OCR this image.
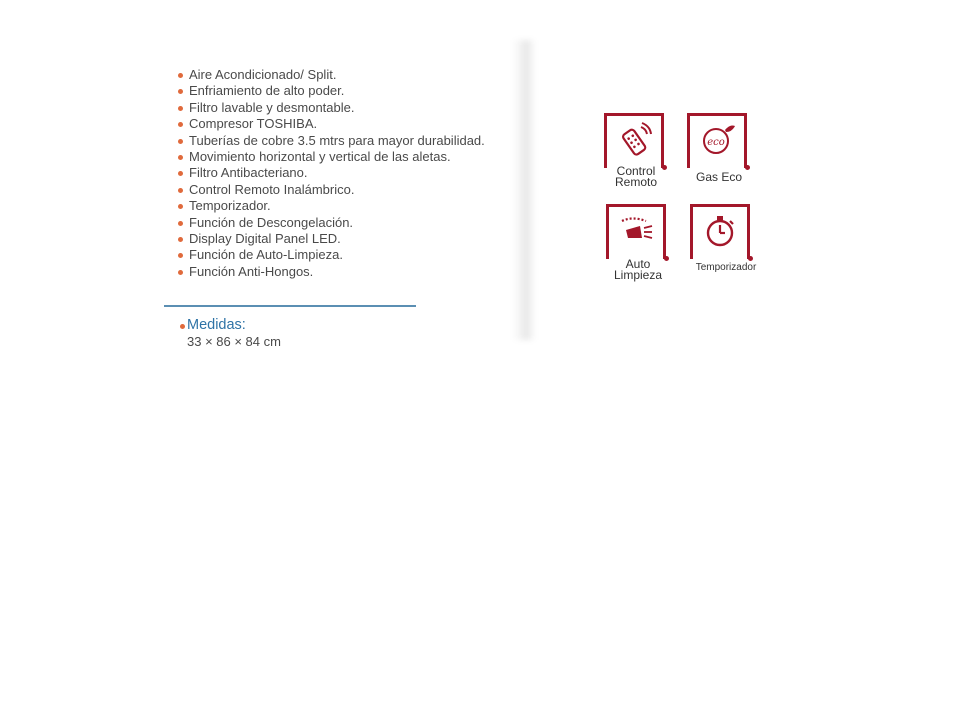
Aire Acondicionado/ Split.
Enfriamiento de alto poder.
Filtro lavable y desmontable.
Compresor TOSHIBA.
Tuberías de cobre 3.5 mtrs para mayor durabilidad.
Movimiento horizontal y vertical de las aletas.
Filtro Antibacteriano.
Control Remoto Inalámbrico.
Temporizador.
Función de Descongelación.
Display Digital Panel LED.
Función de Auto-Limpieza.
Función Anti-Hongos.
Medidas:
33 × 86 × 84 cm
Control
Remoto
eco
Gas Eco
Auto
Limpieza
Temporizador
